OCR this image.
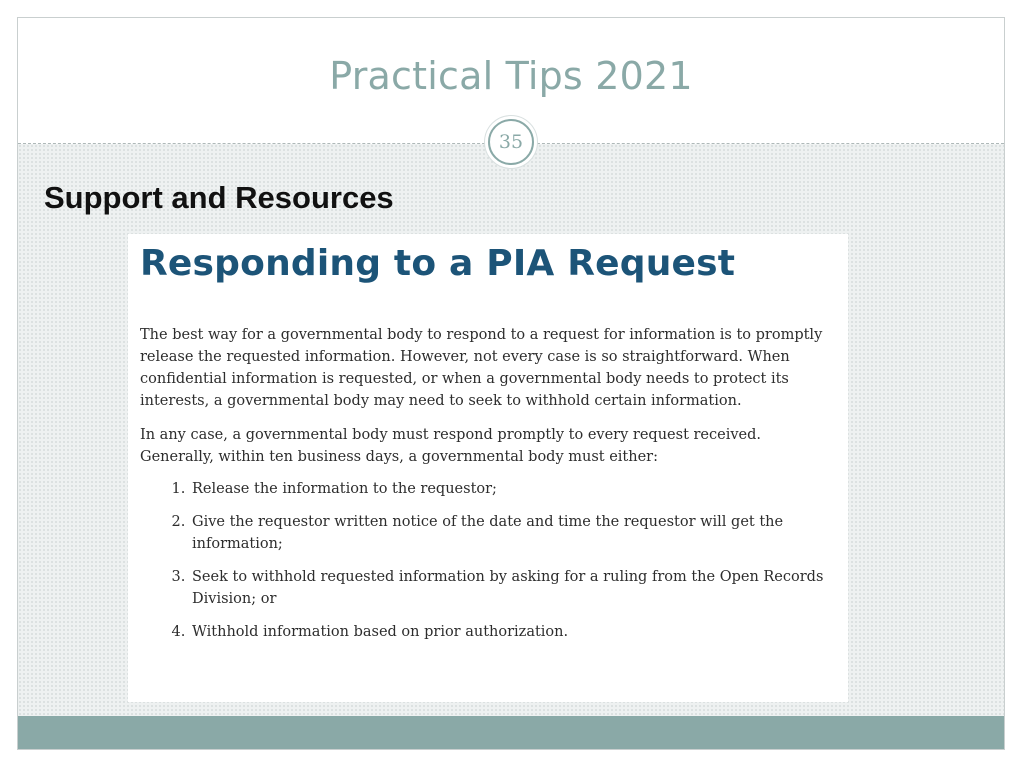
Practical Tips 2021
35
Support and Resources
Responding to a PIA Request

The best way for a governmental body to respond to a request for information is to promptly release the requested information. However, not every case is so straightforward. When confidential information is requested, or when a governmental body needs to protect its interests, a governmental body may need to seek to withhold certain information.

In any case, a governmental body must respond promptly to every request received. Generally, within ten business days, a governmental body must either:

1. Release the information to the requestor;
2. Give the requestor written notice of the date and time the requestor will get the information;
3. Seek to withhold requested information by asking for a ruling from the Open Records Division; or
4. Withhold information based on prior authorization.
